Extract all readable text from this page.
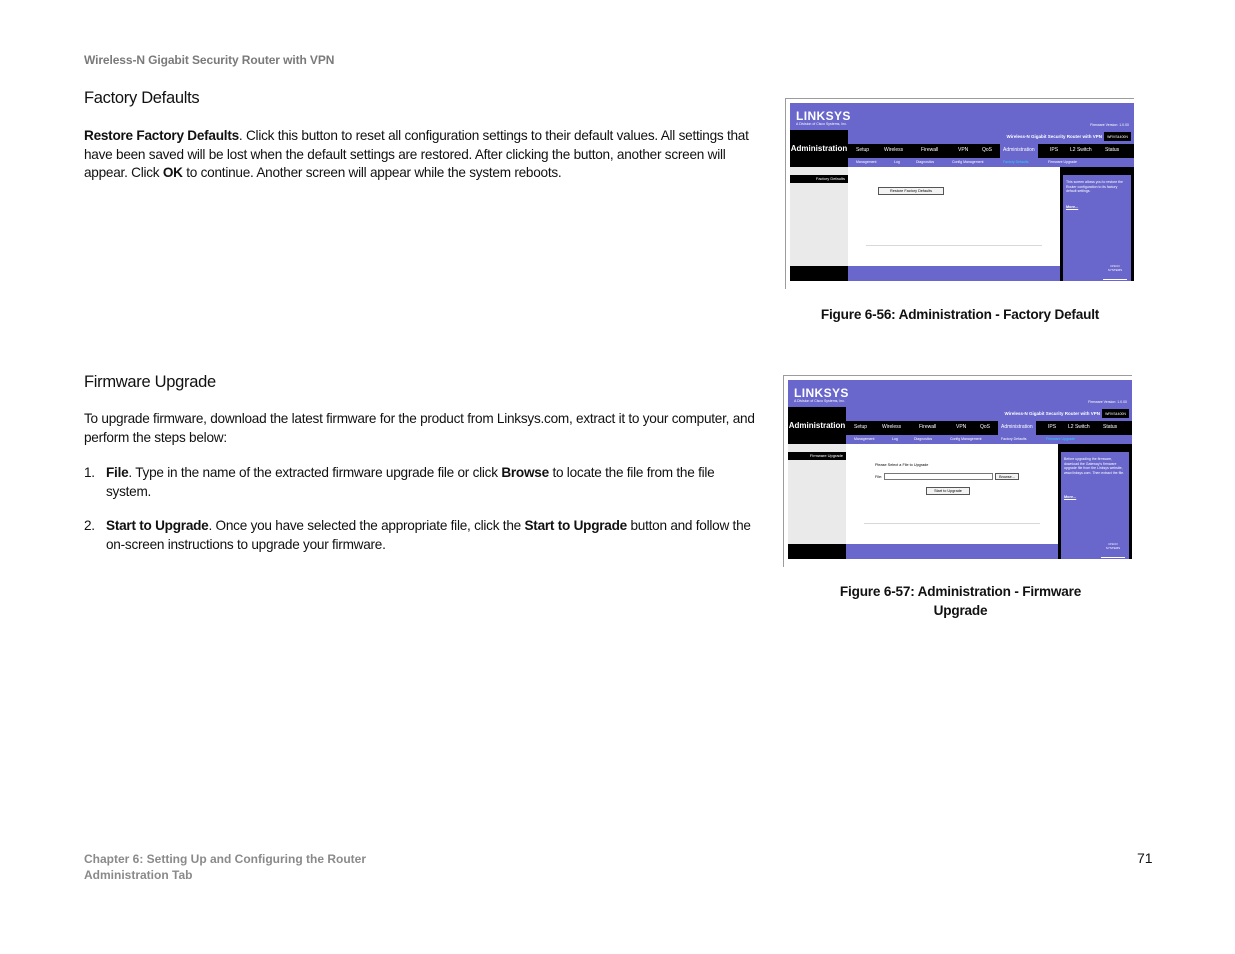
Wireless-N Gigabit Security Router with VPN
Factory Defaults
Restore Factory Defaults. Click this button to reset all configuration settings to their default values. All settings that have been saved will be lost when the default settings are restored. After clicking the button, another screen will appear. Click OK to continue. Another screen will appear while the system reboots.
LINKSYS
A Division of Cisco Systems, Inc.	Firmware Version: 1.0.00
Administration
Wireless-N Gigabit Security Router with VPN	WRVS4400N
Setup	Wireless	Firewall	VPN	QoS	Administration	IPS L2 Switch	Status
Management	Log	Diagnostics	Config Management	Factory Defaults	Firmware Upgrade
Factory Defaults
Restore Factory Defaults
This screen allows you to restore the Router configuration to its factory default settings.
More...
CISCO SYSTEMS
Figure 6-56: Administration - Factory Default
Firmware Upgrade
To upgrade firmware, download the latest firmware for the product from Linksys.com, extract it to your computer, and perform the steps below:
1. File. Type in the name of the extracted firmware upgrade file or click Browse to locate the file from the file system.
2. Start to Upgrade. Once you have selected the appropriate file, click the Start to Upgrade button and follow the on-screen instructions to upgrade your firmware.
LINKSYS
A Division of Cisco Systems, Inc.	Firmware Version: 1.0.00
Administration
Wireless-N Gigabit Security Router with VPN	WRVS4400N
Setup	Wireless	Firewall	VPN	QoS	Administration	IPS L2 Switch	Status
Management	Log	Diagnostics	Config Management	Factory Defaults	Firmware Upgrade
Firmware Upgrade
Please Select a File to Upgrade
File:	Browse...
Start to Upgrade
Before upgrading the firmware, download the Gateway's firmware upgrade file from the Linksys website, www.linksys.com. Then extract the file.
More...
CISCO SYSTEMS
Figure 6-57: Administration - Firmware
Upgrade
Chapter 6: Setting Up and Configuring the Router
Administration Tab
71
